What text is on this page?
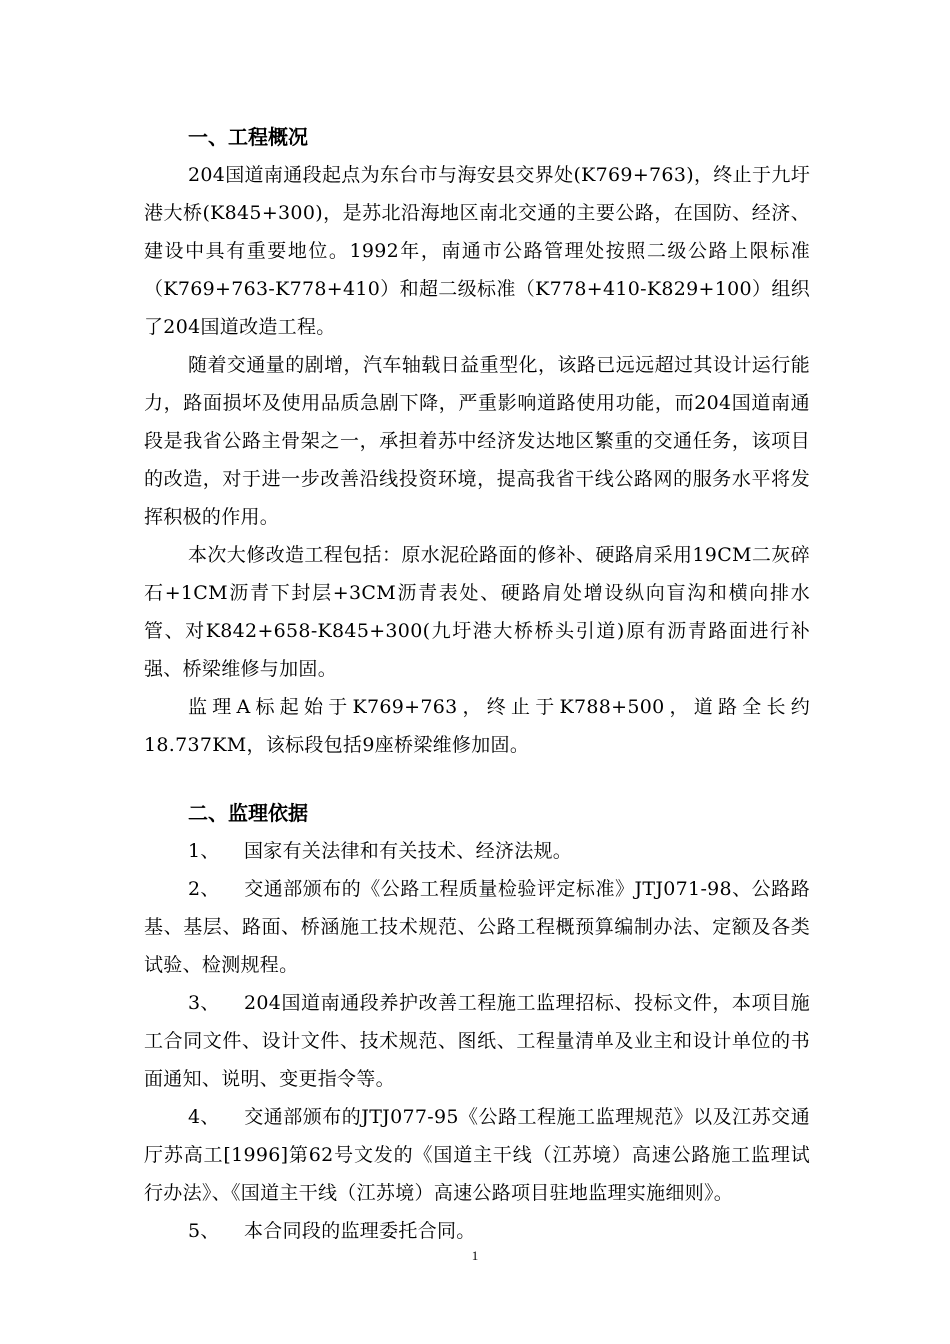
一、工程概况

204国道南通段起点为东台市与海安县交界处(K769+763)，终止于九圩港大桥(K845+300)，是苏北沿海地区南北交通的主要公路，在国防、经济、建设中具有重要地位。1992年，南通市公路管理处按照二级公路上限标准（K769+763-K778+410）和超二级标准（K778+410-K829+100）组织了204国道改造工程。

随着交通量的剧增，汽车轴载日益重型化，该路已远远超过其设计运行能力，路面损坏及使用品质急剧下降，严重影响道路使用功能，而204国道南通段是我省公路主骨架之一，承担着苏中经济发达地区繁重的交通任务，该项目的改造，对于进一步改善沿线投资环境，提高我省干线公路网的服务水平将发挥积极的作用。

本次大修改造工程包括：原水泥砼路面的修补、硬路肩采用19CM二灰碎石+1CM沥青下封层+3CM沥青表处、硬路肩处增设纵向盲沟和横向排水管、对K842+658-K845+300(九圩港大桥桥头引道)原有沥青路面进行补强、桥梁维修与加固。

监理A标起始于K769+763，终止于K788+500，道路全长约18.737KM，该标段包括9座桥梁维修加固。

二、监理依据

1、 国家有关法律和有关技术、经济法规。

2、 交通部颁布的《公路工程质量检验评定标准》JTJ071-98、公路路基、基层、路面、桥涵施工技术规范、公路工程概预算编制办法、定额及各类试验、检测规程。

3、 204国道南通段养护改善工程施工监理招标、投标文件，本项目施工合同文件、设计文件、技术规范、图纸、工程量清单及业主和设计单位的书面通知、说明、变更指令等。

4、 交通部颁布的JTJ077-95《公路工程施工监理规范》以及江苏交通厅苏高工[1996]第62号文发的《国道主干线（江苏境）高速公路施工监理试行办法》、《国道主干线（江苏境）高速公路项目驻地监理实施细则》。

5、 本合同段的监理委托合同。

1
